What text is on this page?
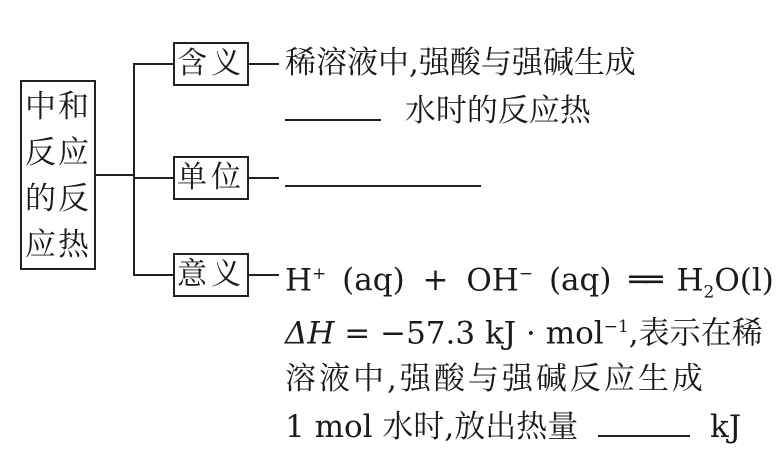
中和
反应
的反
应热
含义
单位
意义
稀溶液中,强酸与强碱生成
水时的反应热
H+ (aq) + OH− (aq) ══ $H_2O(l)$
ΔH = −57.3 kJ · mol$^{-1}$,表示在稀
溶液中,强酸与强碱反应生成
1 mol 水时,放出热量	kJ
